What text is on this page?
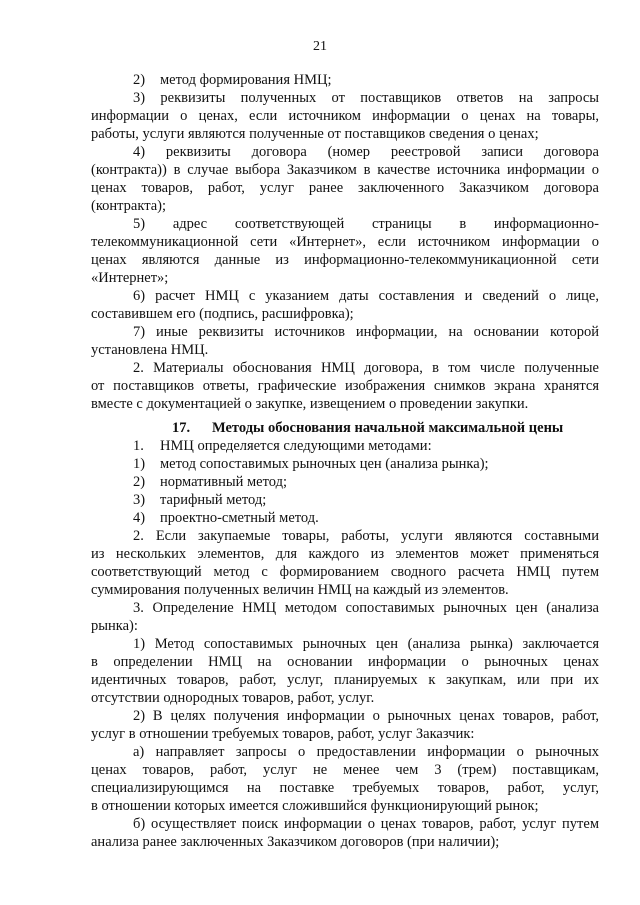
21
2) метод формирования НМЦ;
3) реквизиты полученных от поставщиков ответов на запросы
информации о ценах, если источником информации о ценах на товары,
работы, услуги являются полученные от поставщиков сведения о ценах;
4) реквизиты договора (номер реестровой записи договора
(контракта)) в случае выбора Заказчиком в качестве источника информации о
ценах товаров, работ, услуг ранее заключенного Заказчиком договора
(контракта);
5) адрес соответствующей страницы в информационно-
телекоммуникационной сети «Интернет», если источником информации о
ценах являются данные из информационно-телекоммуникационной сети
«Интернет»;
6) расчет НМЦ с указанием даты составления и сведений о лице,
составившем его (подпись, расшифровка);
7) иные реквизиты источников информации, на основании которой
установлена НМЦ.
2. Материалы обоснования НМЦ договора, в том числе полученные
от поставщиков ответы, графические изображения снимков экрана хранятся
вместе с документацией о закупке, извещением о проведении закупки.
17. Методы обоснования начальной максимальной цены
1. НМЦ определяется следующими методами:
1) метод сопоставимых рыночных цен (анализа рынка);
2) нормативный метод;
3) тарифный метод;
4) проектно-сметный метод.
2. Если закупаемые товары, работы, услуги являются составными
из нескольких элементов, для каждого из элементов может применяться
соответствующий метод с формированием сводного расчета НМЦ путем
суммирования полученных величин НМЦ на каждый из элементов.
3. Определение НМЦ методом сопоставимых рыночных цен (анализа
рынка):
1) Метод сопоставимых рыночных цен (анализа рынка) заключается
в определении НМЦ на основании информации о рыночных ценах
идентичных товаров, работ, услуг, планируемых к закупкам, или при их
отсутствии однородных товаров, работ, услуг.
2) В целях получения информации о рыночных ценах товаров, работ,
услуг в отношении требуемых товаров, работ, услуг Заказчик:
а) направляет запросы о предоставлении информации о рыночных
ценах товаров, работ, услуг не менее чем 3 (трем) поставщикам,
специализирующимся на поставке требуемых товаров, работ, услуг,
в отношении которых имеется сложившийся функционирующий рынок;
б) осуществляет поиск информации о ценах товаров, работ, услуг путем
анализа ранее заключенных Заказчиком договоров (при наличии);
